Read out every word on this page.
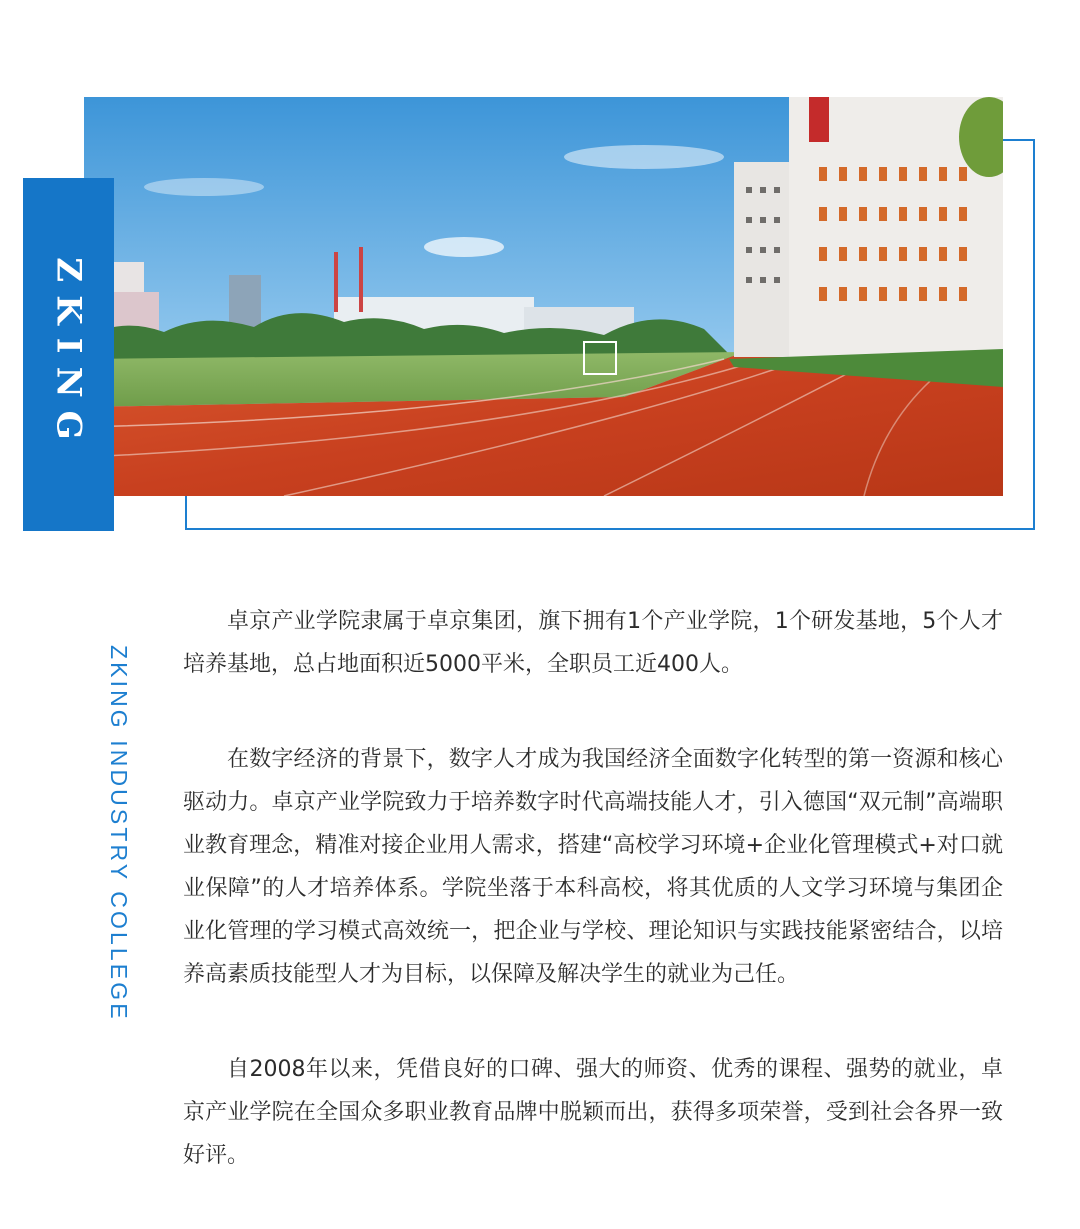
ZKING
ZKING INDUSTRY COLLEGE

卓京产业学院隶属于卓京集团，旗下拥有1个产业学院，1个研发基地，5个人才培养基地，总占地面积近5000平米，全职员工近400人。

在数字经济的背景下，数字人才成为我国经济全面数字化转型的第一资源和核心驱动力。卓京产业学院致力于培养数字时代高端技能人才，引入德国“双元制”高端职业教育理念，精准对接企业用人需求，搭建“高校学习环境+企业化管理模式+对口就业保障”的人才培养体系。学院坐落于本科高校，将其优质的人文学习环境与集团企业化管理的学习模式高效统一，把企业与学校、理论知识与实践技能紧密结合，以培养高素质技能型人才为目标，以保障及解决学生的就业为己任。

自2008年以来，凭借良好的口碑、强大的师资、优秀的课程、强势的就业，卓京产业学院在全国众多职业教育品牌中脱颖而出，获得多项荣誉，受到社会各界一致好评。
